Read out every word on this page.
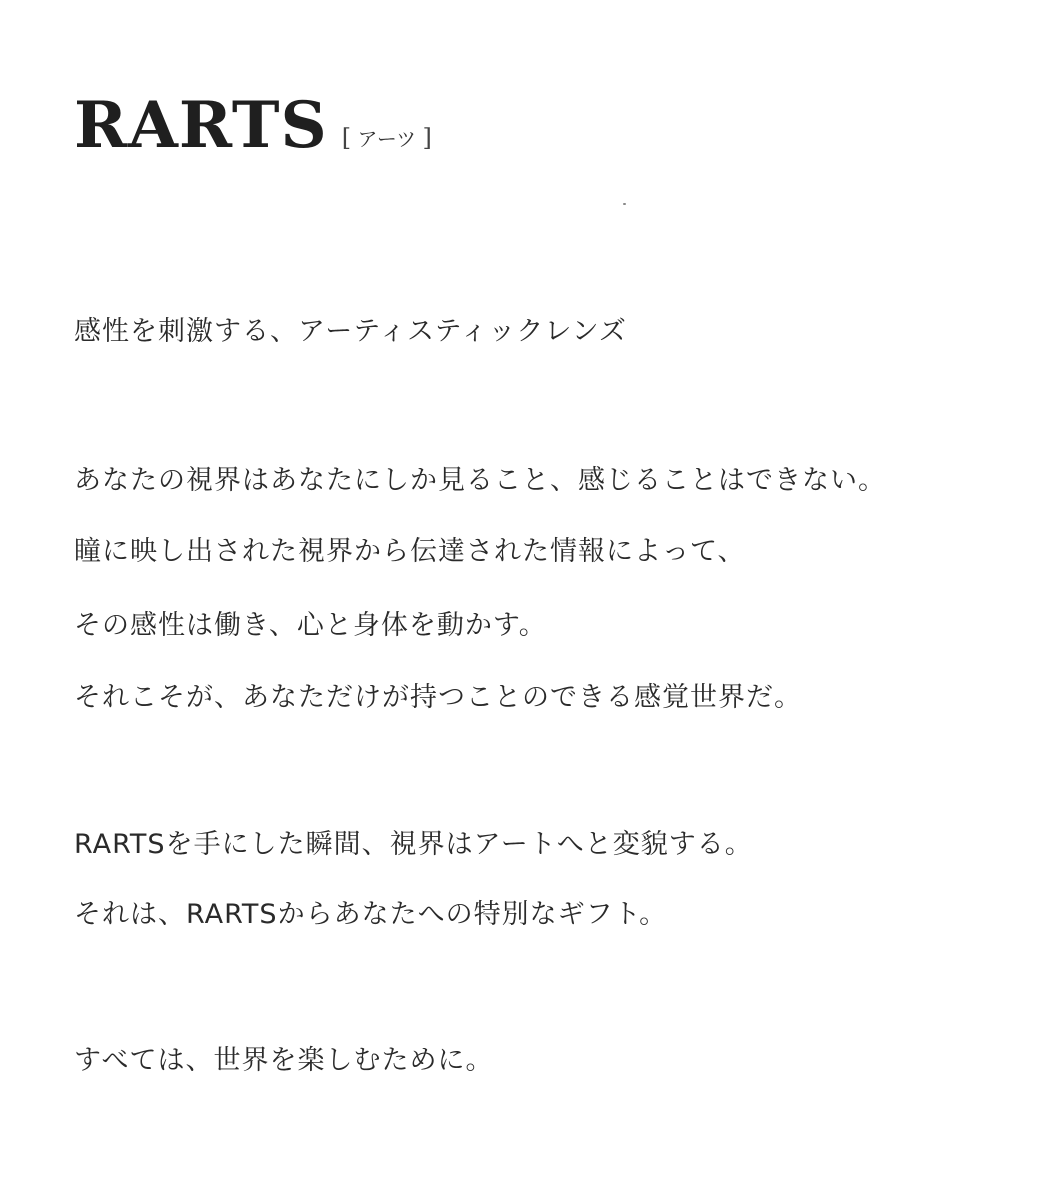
RARTS [ アーツ ]
感性を刺激する、アーティスティックレンズ
あなたの視界はあなたにしか見ること、感じることはできない。
瞳に映し出された視界から伝達された情報によって、
その感性は働き、心と身体を動かす。
それこそが、あなただけが持つことのできる感覚世界だ。
RARTSを手にした瞬間、視界はアートへと変貌する。
それは、RARTSからあなたへの特別なギフト。
すべては、世界を楽しむために。
